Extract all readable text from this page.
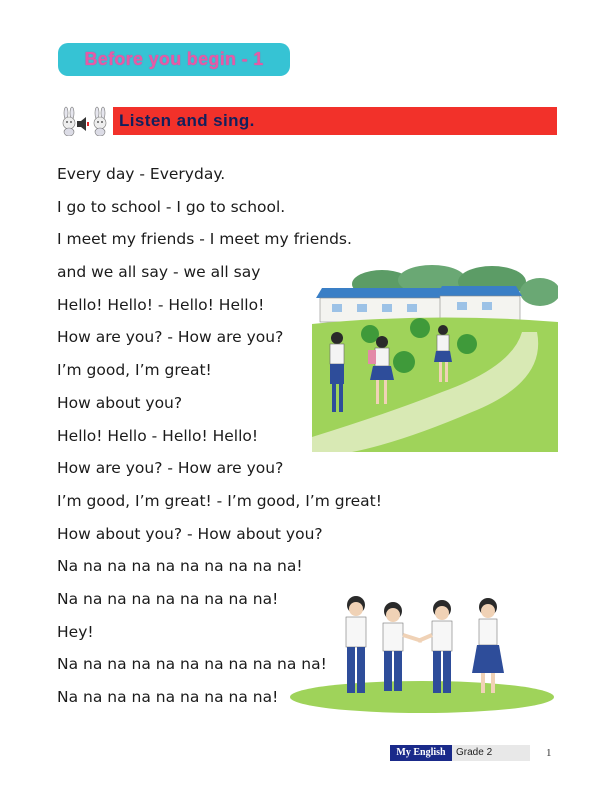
Before you begin - 1
Listen and sing.
Every day - Everyday.
I go to school - I go to school.
I meet my friends - I meet my friends.
and we all say - we all say
Hello! Hello! - Hello! Hello!
How are you? - How are you?
I’m good, I’m great!
How about you?
Hello! Hello - Hello! Hello!
How are you? - How are you?
I’m good, I’m great! - I’m good, I’m great!
How about you? - How about you?
Na na na na na na na na na na!
Na na na na na na na na na!
Hey!
Na na na na na na na na na na na!
Na na na na na na na na na!
My English	Grade 2	1
